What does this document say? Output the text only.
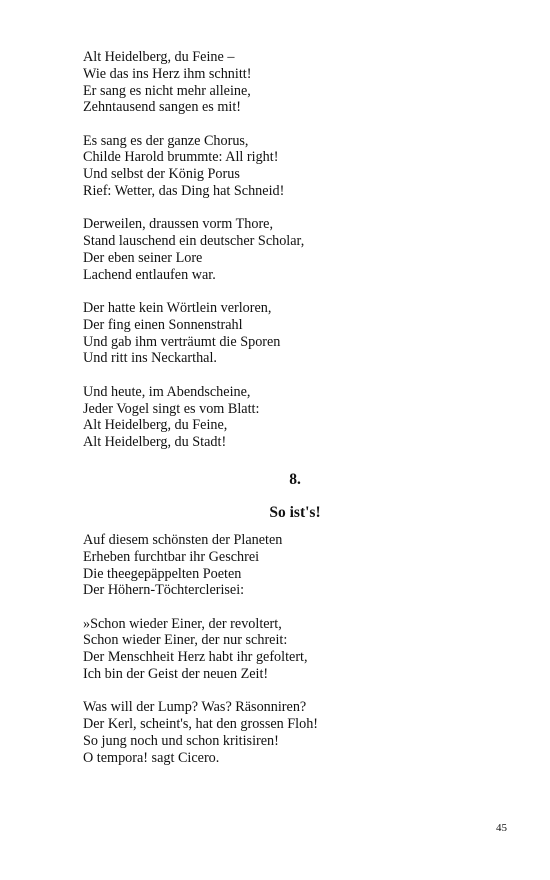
Alt Heidelberg, du Feine –
Wie das ins Herz ihm schnitt!
Er sang es nicht mehr alleine,
Zehntausend sangen es mit!
Es sang es der ganze Chorus,
Childe Harold brummte: All right!
Und selbst der König Porus
Rief: Wetter, das Ding hat Schneid!
Derweilen, draussen vorm Thore,
Stand lauschend ein deutscher Scholar,
Der eben seiner Lore
Lachend entlaufen war.
Der hatte kein Wörtlein verloren,
Der fing einen Sonnenstrahl
Und gab ihm verträumt die Sporen
Und ritt ins Neckarthal.
Und heute, im Abendscheine,
Jeder Vogel singt es vom Blatt:
Alt Heidelberg, du Feine,
Alt Heidelberg, du Stadt!
8.
So ist's!
Auf diesem schönsten der Planeten
Erheben furchtbar ihr Geschrei
Die theegepäppelten Poeten
Der Höhern-Töchterclerisei:
»Schon wieder Einer, der revoltert,
Schon wieder Einer, der nur schreit:
Der Menschheit Herz habt ihr gefoltert,
Ich bin der Geist der neuen Zeit!
Was will der Lump? Was? Räsonniren?
Der Kerl, scheint's, hat den grossen Floh!
So jung noch und schon kritisiren!
O tempora! sagt Cicero.
45
